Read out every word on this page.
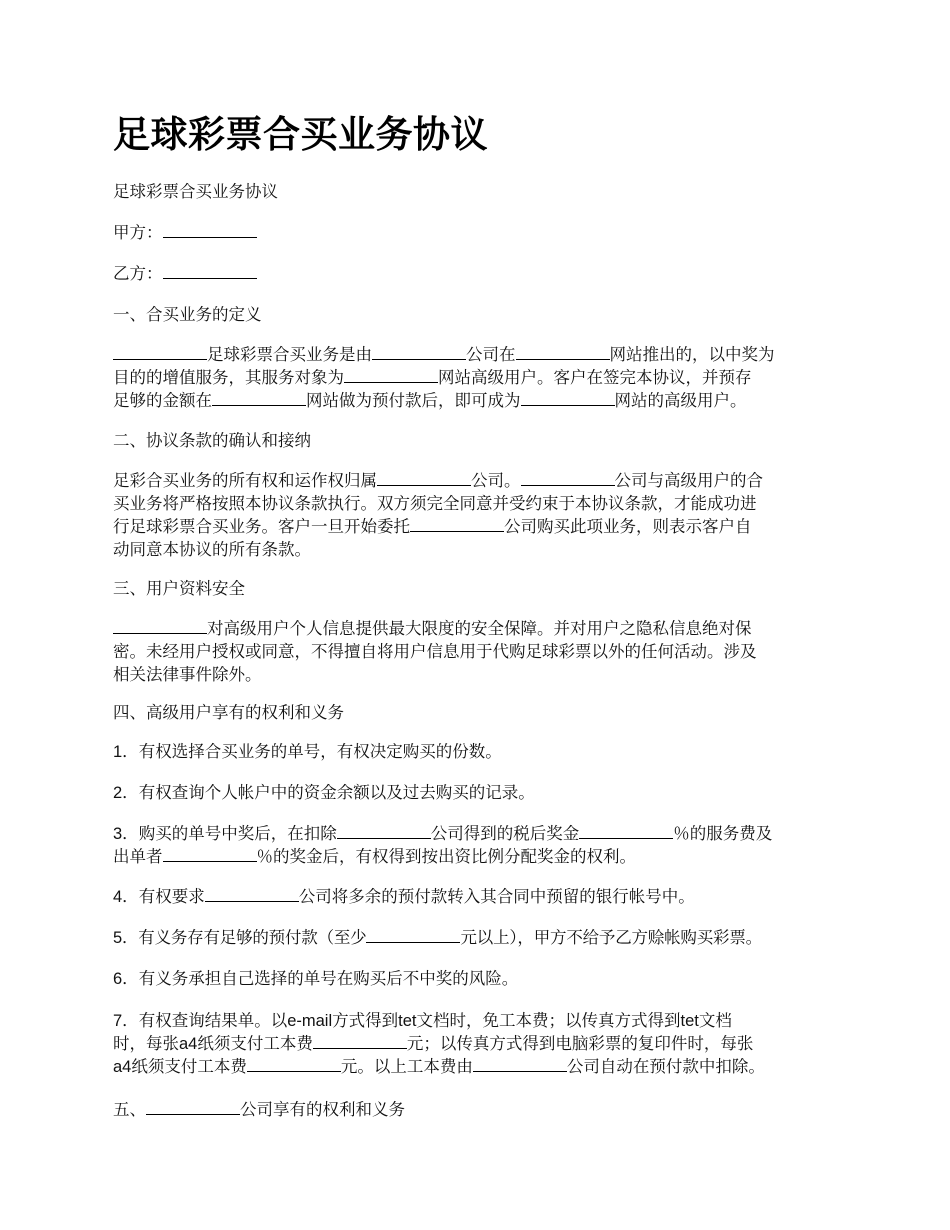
足球彩票合买业务协议

足球彩票合买业务协议

甲方：

乙方：

一、合买业务的定义

足球彩票合买业务是由	公司在	网站推出的，以中奖为

目的的增值服务，其服务对象为	网站高级用户。客户在签完本协议，并预存

足够的金额在	网站做为预付款后，即可成为	网站的高级用户。

二、协议条款的确认和接纳

足彩合买业务的所有权和运作权归属	公司。	公司与高级用户的合

买业务将严格按照本协议条款执行。双方须完全同意并受约束于本协议条款，才能成功进

行足球彩票合买业务。客户一旦开始委托	公司购买此项业务，则表示客户自

动同意本协议的所有条款。

三、用户资料安全

对高级用户个人信息提供最大限度的安全保障。并对用户之隐私信息绝对保

密。未经用户授权或同意，不得擅自将用户信息用于代购足球彩票以外的任何活动。涉及

相关法律事件除外。

四、高级用户享有的权利和义务

1．有权选择合买业务的单号，有权决定购买的份数。

2．有权查询个人帐户中的资金余额以及过去购买的记录。

3．购买的单号中奖后，在扣除	公司得到的税后奖金	％的服务费及

出单者	％的奖金后，有权得到按出资比例分配奖金的权利。

4．有权要求	公司将多余的预付款转入其合同中预留的银行帐号中。

5．有义务存有足够的预付款（至少	元以上），甲方不给予乙方赊帐购买彩票。

6．有义务承担自己选择的单号在购买后不中奖的风险。

7．有权查询结果单。以e-mail方式得到tet文档时，免工本费；以传真方式得到tet文档

时，每张a4纸须支付工本费	元；以传真方式得到电脑彩票的复印件时，每张

a4纸须支付工本费	元。以上工本费由	公司自动在预付款中扣除。

五、	公司享有的权利和义务
